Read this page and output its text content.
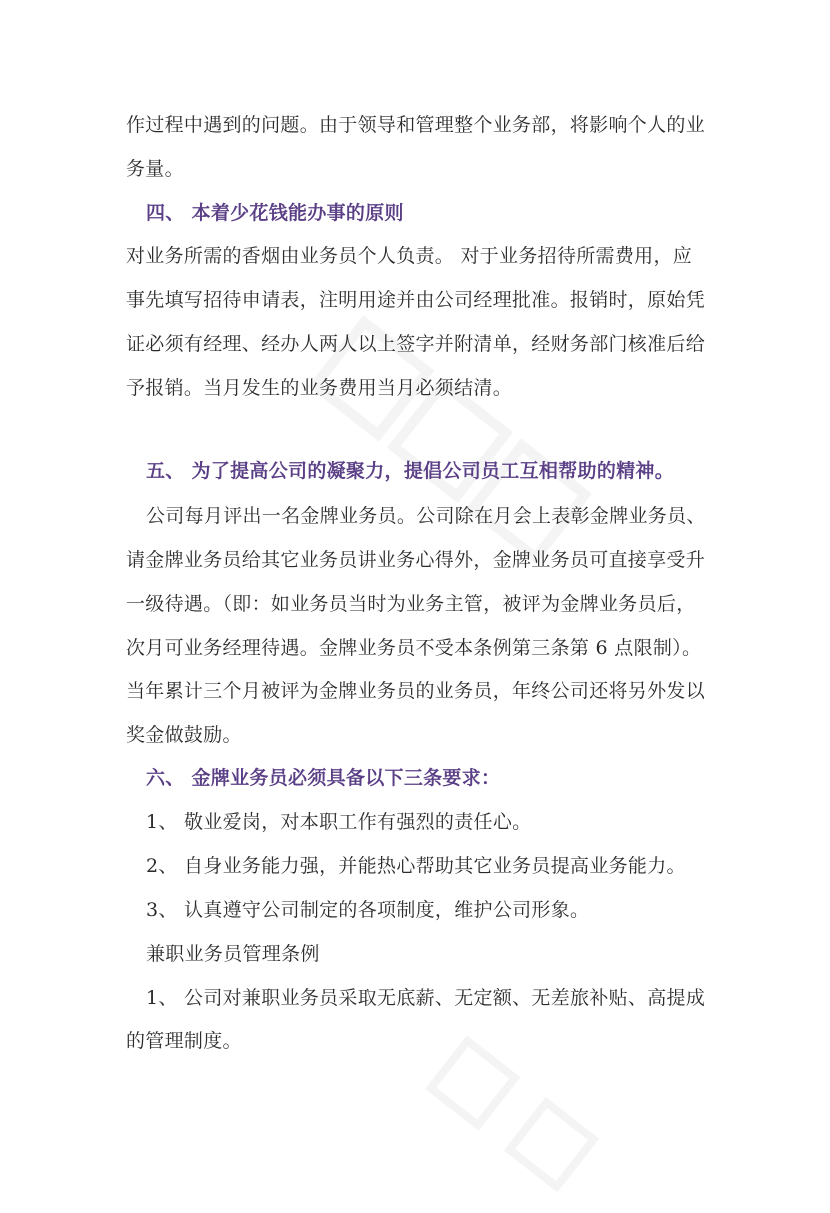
作过程中遇到的问题。由于领导和管理整个业务部，将影响个人的业
务量。
四、 本着少花钱能办事的原则
对业务所需的香烟由业务员个人负责。 对于业务招待所需费用，应
事先填写招待申请表，注明用途并由公司经理批准。报销时，原始凭
证必须有经理、经办人两人以上签字并附清单，经财务部门核准后给
予报销。当月发生的业务费用当月必须结清。
五、 为了提高公司的凝聚力，提倡公司员工互相帮助的精神。
公司每月评出一名金牌业务员。公司除在月会上表彰金牌业务员、
请金牌业务员给其它业务员讲业务心得外，金牌业务员可直接享受升
一级待遇。（即：如业务员当时为业务主管，被评为金牌业务员后，
次月可业务经理待遇。金牌业务员不受本条例第三条第 6 点限制）。
当年累计三个月被评为金牌业务员的业务员，年终公司还将另外发以
奖金做鼓励。
六、 金牌业务员必须具备以下三条要求：
1、 敬业爱岗，对本职工作有强烈的责任心。
2、 自身业务能力强，并能热心帮助其它业务员提高业务能力。
3、 认真遵守公司制定的各项制度，维护公司形象。
兼职业务员管理条例
1、 公司对兼职业务员采取无底薪、无定额、无差旅补贴、高提成
的管理制度。
